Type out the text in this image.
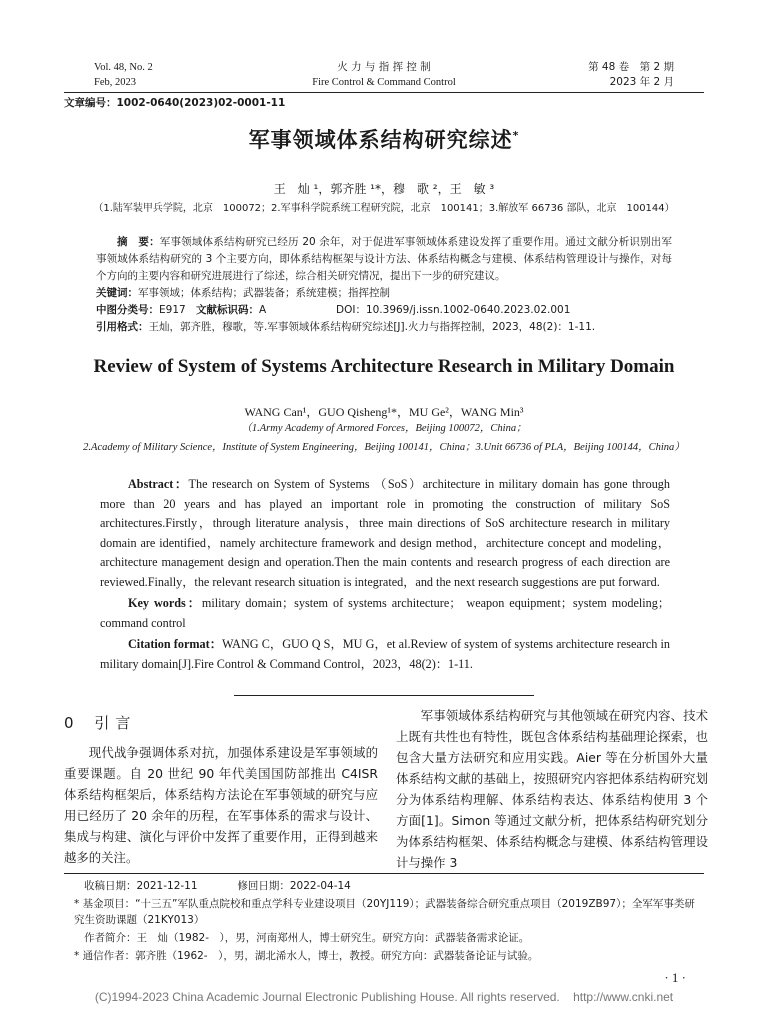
Vol. 48, No. 2
Feb, 2023
火 力 与 指 挥 控 制
Fire Control & Command Control
第 48 卷　第 2 期
2023 年 2 月
文章编号：1002-0640(2023)02-0001-11
军事领域体系结构研究综述*
王　灿 ¹，郭齐胜 ¹*，穆　歌 ²，王　敏 ³
（1.陆军装甲兵学院，北京　100072；2.军事科学院系统工程研究院，北京　100141；3.解放军 66736 部队，北京　100144）
摘　要：军事领域体系结构研究已经历 20 余年，对于促进军事领域体系建设发挥了重要作用。通过文献分析识别出军事领域体系结构研究的 3 个主要方向，即体系结构框架与设计方法、体系结构概念与建模、体系结构管理设计与操作，对每个方向的主要内容和研究进展进行了综述，综合相关研究情况，提出下一步的研究建议。
关键词：军事领域；体系结构；武器装备；系统建模；指挥控制
中图分类号：E917 文献标识码：A	DOI：10.3969/j.issn.1002-0640.2023.02.001
引用格式：王灿，郭齐胜，穆歌，等.军事领域体系结构研究综述[J].火力与指挥控制，2023，48(2)：1-11.
Review of System of Systems Architecture Research in Military Domain
WANG Can¹，GUO Qisheng¹*，MU Ge²，WANG Min³
（1.Army Academy of Armored Forces，Beijing 100072，China；
2.Academy of Military Science，Institute of System Engineering，Beijing 100141，China；3.Unit 66736 of PLA，Beijing 100144，China）
Abstract：The research on System of Systems （SoS）architecture in military domain has gone through more than 20 years and has played an important role in promoting the construction of military SoS architectures.Firstly，through literature analysis，three main directions of SoS architecture research in military domain are identified，namely architecture framework and design method，architecture concept and modeling，architecture management design and operation.Then the main contents and research progress of each direction are reviewed.Finally，the relevant research situation is integrated，and the next research suggestions are put forward.
Key words：military domain；system of systems architecture； weapon equipment；system modeling；command control
Citation format：WANG C，GUO Q S，MU G，et al.Review of system of systems architecture research in military domain[J].Fire Control & Command Control，2023，48(2)：1-11.
0 引言
现代战争强调体系对抗，加强体系建设是军事领域的重要课题。自 20 世纪 90 年代美国国防部推出 C4ISR 体系结构框架后，体系结构方法论在军事领域的研究与应用已经历了 20 余年的历程，在军事体系的需求与设计、集成与构建、演化与评价中发挥了重要作用，正得到越来越多的关注。
军事领域体系结构研究与其他领域在研究内容、技术上既有共性也有特性，既包含体系结构基础理论探索，也包含大量方法研究和应用实践。Aier 等在分析国外大量体系结构文献的基础上，按照研究内容把体系结构研究划分为体系结构理解、体系结构表达、体系结构使用 3 个方面[1]。Simon 等通过文献分析，把体系结构研究划分为体系结构框架、体系结构概念与建模、体系结构管理设计与操作 3
收稿日期：2021-12-11	修回日期：2022-04-14
* 基金项目：“十三五”军队重点院校和重点学科专业建设项目（20YJ119）；武器装备综合研究重点项目（2019ZB97）；全军军事类研究生资助课题（21KY013）
作者简介：王　灿（1982-　），男，河南郑州人，博士研究生。研究方向：武器装备需求论证。
* 通信作者：郭齐胜（1962-　），男，湖北浠水人，博士，教授。研究方向：武器装备论证与试验。
· 1 ·
(C)1994-2023 China Academic Journal Electronic Publishing House. All rights reserved.    http://www.cnki.net
